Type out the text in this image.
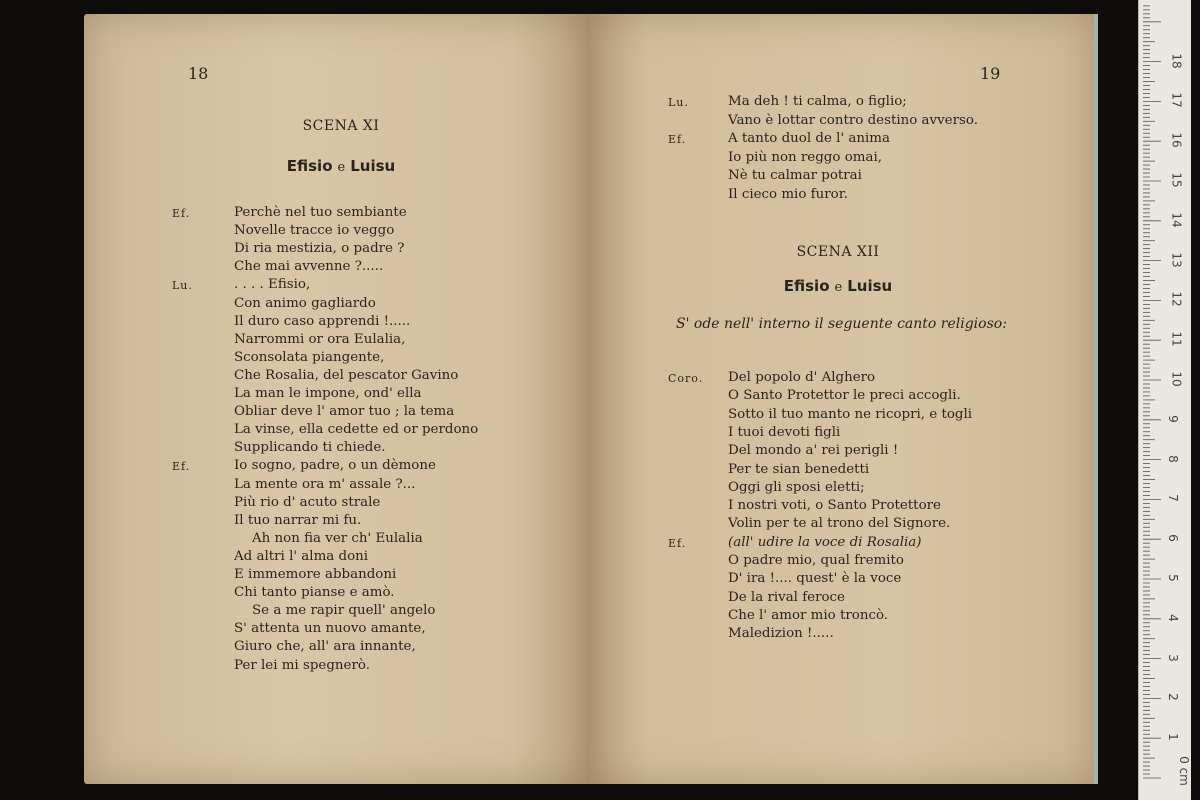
18
SCENA XI
Efisio e Luisu
Ef.	Perchè nel tuo sembiante
Novelle tracce io veggo
Di ria mestizia, o padre ?
Che mai avvenne ?.....
Lu.	. . . . Efisio,
Con animo gagliardo
Il duro caso apprendi !.....
Narrommi or ora Eulalia,
Sconsolata piangente,
Che Rosalia, del pescator Gavino
La man le impone, ond' ella
Obliar deve l' amor tuo ; la tema
La vinse, ella cedette ed or perdono
Supplicando ti chiede.
Ef.	Io sogno, padre, o un dèmone
La mente ora m' assale ?...
Più rio d' acuto strale
Il tuo narrar mi fu.
Ah non fia ver ch' Eulalia
Ad altri l' alma doni
E immemore abbandoni
Chi tanto pianse e amò.
Se a me rapir quell' angelo
S' attenta un nuovo amante,
Giuro che, all' ara innante,
Per lei mi spegnerò.
19
Lu.	Ma deh ! ti calma, o figlio;
Vano è lottar contro destino avverso.
Ef.	A tanto duol de l' anima
Io più non reggo omai,
Nè tu calmar potrai
Il cieco mio furor.
SCENA XII
Efisio e Luisu
S' ode nell' interno il seguente canto religioso:
Coro. Del popolo d' Alghero
O Santo Protettor le preci accogli.
Sotto il tuo manto ne ricopri, e togli
I tuoi devoti figli
Del mondo a' rei perigli !
Per te sian benedetti
Oggi gli sposi eletti;
I nostri voti, o Santo Protettore
Volin per te al trono del Signore.
Ef.	(all' udire la voce di Rosalia)
O padre mio, qual fremito
D' ira !.... quest' è la voce
De la rival feroce
Che l' amor mio troncò.
Maledizion !.....
0 cm
1
2
3
4
5
6
7
8
9
10
11
12
13
14
15
16
17
18
